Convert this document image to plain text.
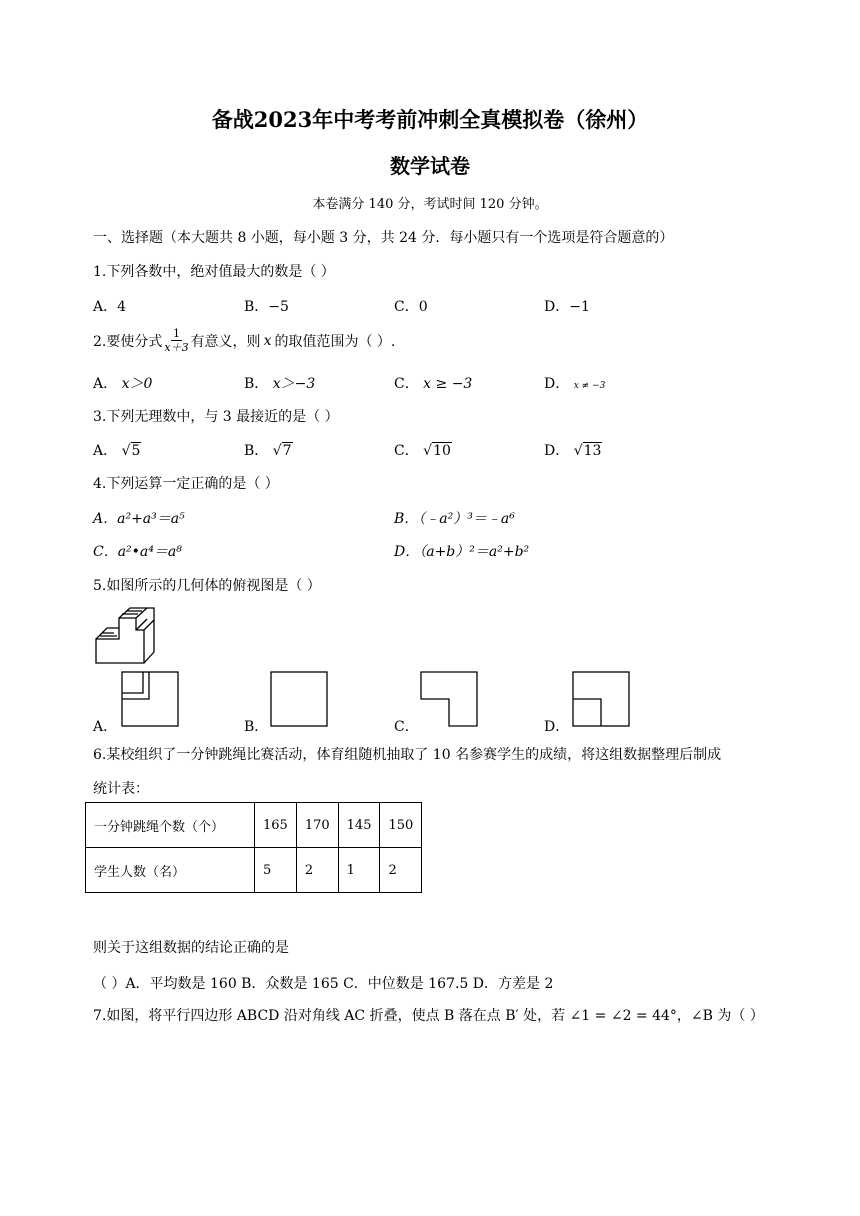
备战2023年中考考前冲刺全真模拟卷（徐州）
数学试卷
本卷满分 140 分，考试时间 120 分钟。
一、选择题（本大题共 8 小题，每小题 3 分，共 24 分．每小题只有一个选项是符合题意的）
1.下列各数中，绝对值最大的数是（ ）
A．4	B．−5	C．0	D．−1
2.要使分式 $\frac{1}{x+3}$ 有意义，则 x 的取值范围为（ ）.
A． x＞0	B． x＞−3	C． x ≥ −3	D． x ≠ −3
3.下列无理数中，与 3 最接近的是（ ）
A． √5	B． √7	C． √10	D． √13
4.下列运算一定正确的是（ ）
A．a²+a³＝a⁵	B．（﹣a²）³＝﹣a⁶
C．a²•a⁴＝a⁸	D．（a+b）²＝a²+b²
5.如图所示的几何体的俯视图是（ ）
A．	B．	C．	D．
6.某校组织了一分钟跳绳比赛活动，体育组随机抽取了 10 名参赛学生的成绩，将这组数据整理后制成
统计表：
一分钟跳绳个数（个）	165	170	145	150
学生人数（名）	5	2	1	2
则关于这组数据的结论正确的是
（ ）A．平均数是 160 B．众数是 165 C．中位数是 167.5 D．方差是 2
7.如图，将平行四边形 ABCD 沿对角线 AC 折叠，使点 B 落在点 B′ 处，若 ∠1 = ∠2 = 44°，∠B 为（ ）
